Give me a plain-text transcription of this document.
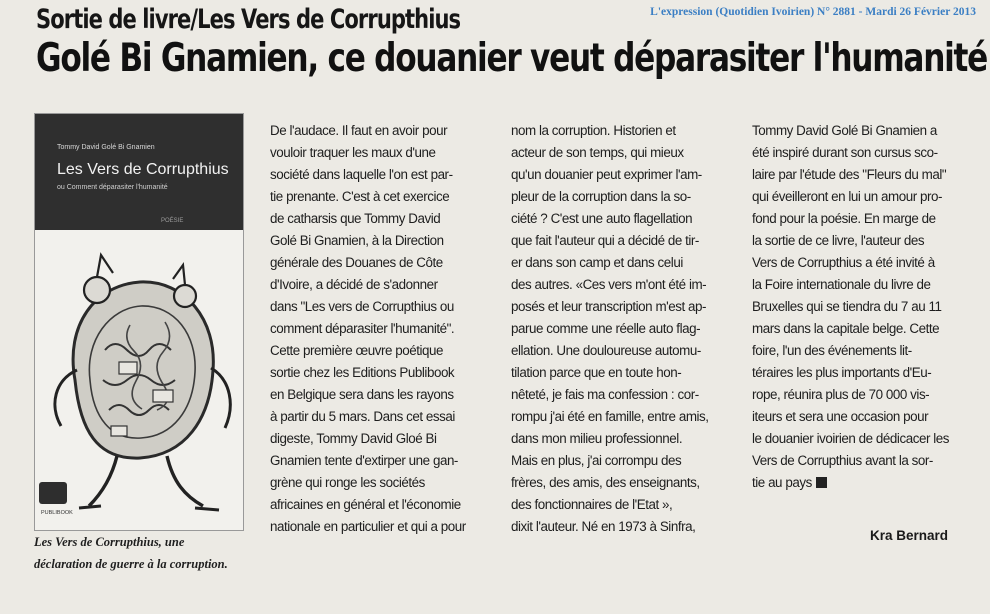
L'expression (Quotidien Ivoirien) N° 2881 - Mardi 26 Février 2013
Sortie de livre/Les Vers de Corrupthius
Golé Bi Gnamien, ce douanier veut déparasiter l'humanité
Tommy David Golé Bi Gnamien
Les Vers de Corrupthius
ou Comment déparasiter l'humanité
POÉSIE
PUBLIBOOK
Les Vers de Corrupthius, une
déclaration de guerre à la corruption.
De l'audace. Il faut en avoir pour
vouloir traquer les maux d'une
société dans laquelle l'on est par-
tie prenante. C'est à cet exercice
de catharsis que Tommy David
Golé Bi Gnamien, à la Direction
générale des Douanes de Côte
d'Ivoire, a décidé de s'adonner
dans "Les vers de Corrupthius ou
comment déparasiter l'humanité".
Cette première œuvre poétique
sortie chez les Editions Publibook
en Belgique sera dans les rayons
à partir du 5 mars. Dans cet essai
digeste, Tommy David Gloé Bi
Gnamien tente d'extirper une gan-
grène qui ronge les sociétés
africaines en général et l'économie
nationale en particulier et qui a pour
nom la corruption. Historien et
acteur de son temps, qui mieux
qu'un douanier peut exprimer l'am-
pleur de la corruption dans la so-
ciété ? C'est une auto flagellation
que fait l'auteur qui a décidé de tir-
er dans son camp et dans celui
des autres. «Ces vers m'ont été im-
posés et leur transcription m'est ap-
parue comme une réelle auto flag-
ellation. Une douloureuse automu-
tilation parce que en toute hon-
nêteté, je fais ma confession : cor-
rompu j'ai été en famille, entre amis,
dans mon milieu professionnel.
Mais en plus, j'ai corrompu des
frères, des amis, des enseignants,
des fonctionnaires de l'Etat »,
dixit l'auteur. Né en 1973 à Sinfra,
Tommy David Golé Bi Gnamien a
été inspiré durant son cursus sco-
laire par l'étude des "Fleurs du mal"
qui éveilleront en lui un amour pro-
fond pour la poésie. En marge de
la sortie de ce livre, l'auteur des
Vers de Corrupthius a été invité à
la Foire internationale du livre de
Bruxelles qui se tiendra du 7 au 11
mars dans la capitale belge. Cette
foire, l'un des événements lit-
téraires les plus importants d'Eu-
rope, réunira plus de 70 000 vis-
iteurs et sera une occasion pour
le douanier ivoirien de dédicacer les
Vers de Corrupthius avant la sor-
tie au pays
Kra Bernard
